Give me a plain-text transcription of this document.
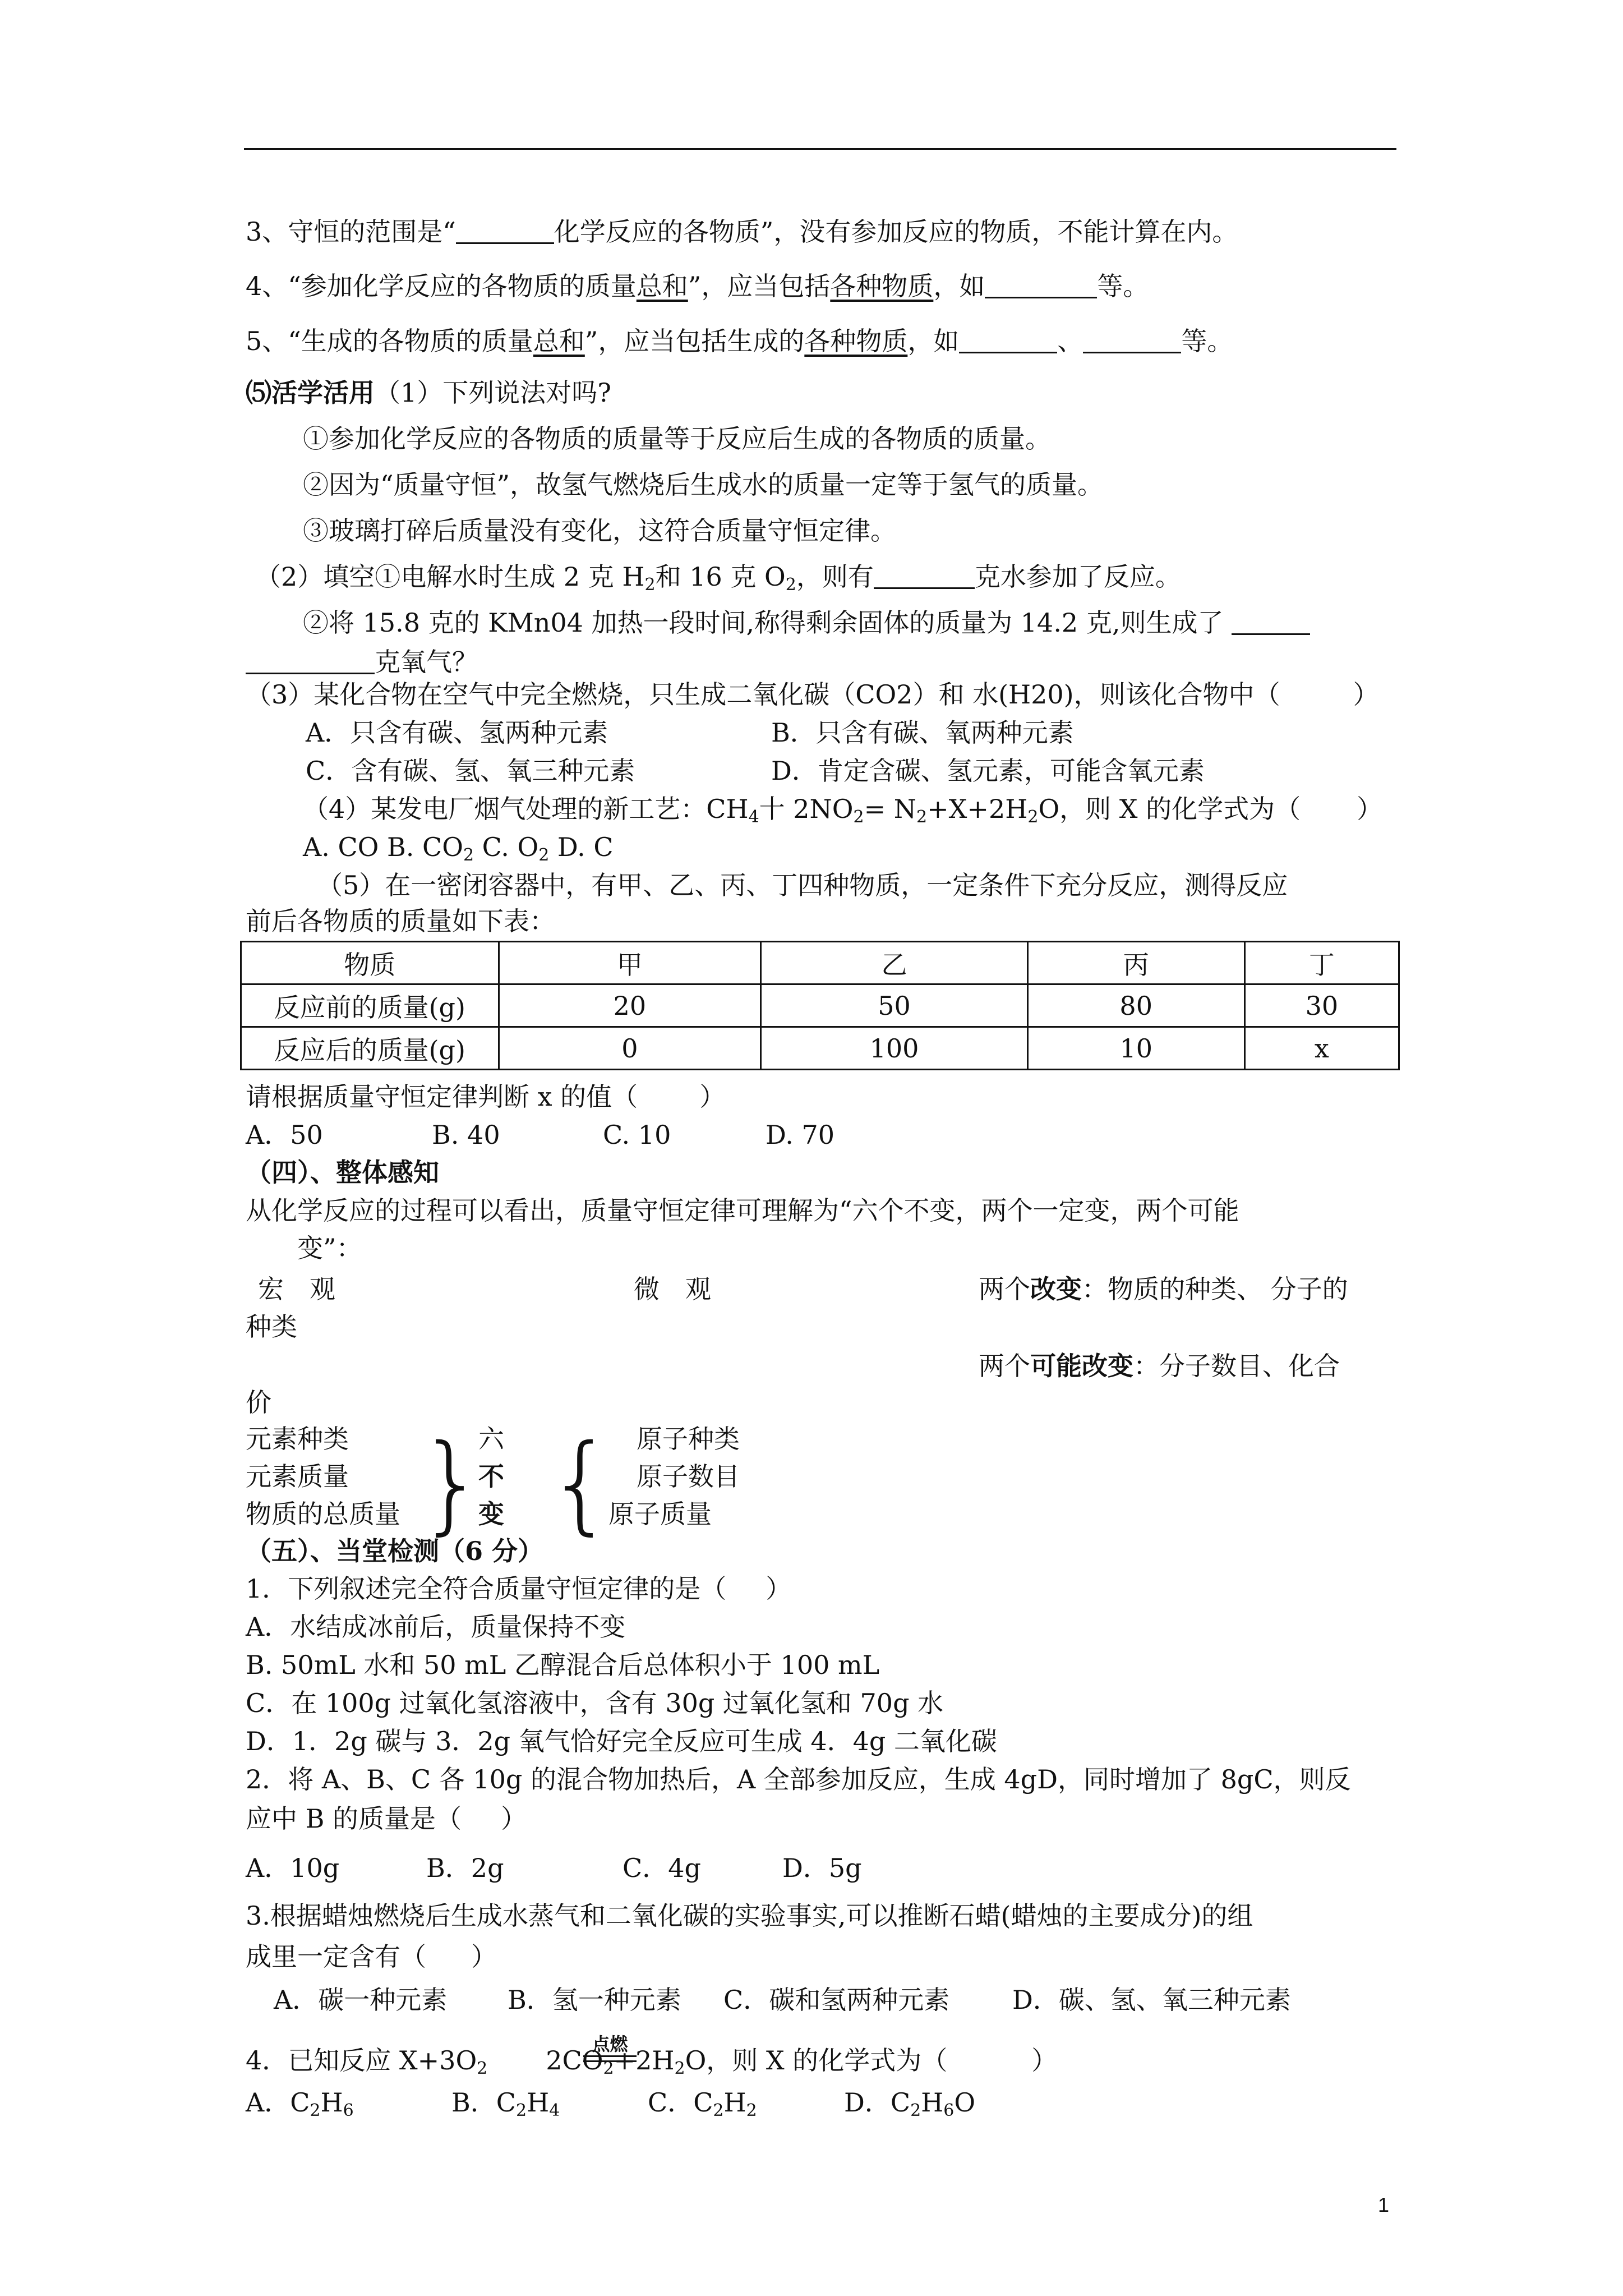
3、守恒的范围是“	化学反应的各物质”，没有参加反应的物质，不能计算在内。
4、“参加化学反应的各物质的质量总和”，应当包括各种物质，如	等。
5、“生成的各物质的质量总和”，应当包括生成的各种物质，如	、	等。
⑸活学活用（1）下列说法对吗?
①参加化学反应的各物质的质量等于反应后生成的各物质的质量。
②因为“质量守恒”，故氢气燃烧后生成水的质量一定等于氢气的质量。
③玻璃打碎后质量没有变化，这符合质量守恒定律。
（2）填空①电解水时生成 2 克 $H_2$和 16 克 $O_2$，则有	克水参加了反应。
②将 15.8 克的 KMn04 加热一段时间,称得剩余固体的质量为 14.2 克,则生成了
克氧气？
（3）某化合物在空气中完全燃烧，只生成二氧化碳（CO2）和 水(H20)，则该化合物中（	）
A．只含有碳、氢两种元素	B．只含有碳、氧两种元素
C．含有碳、氢、氧三种元素	D．肯定含碳、氢元素，可能含氧元素
（4）某发电厂烟气处理的新工艺：$CH_4$十 $2NO_2= N_2+X+2H_2O$，则 X 的化学式为（ ）
A. CO B. $CO_2$ C. $O_2$ D. C
（5）在一密闭容器中，有甲、乙、丙、丁四种物质，一定条件下充分反应，测得反应
前后各物质的质量如下表：
物质	甲	乙	丙	丁
反应前的质量(g)	20	50	80	30
反应后的质量(g)	0	100	10	x
请根据质量守恒定律判断 x 的值（ ）
A．50	B. 40	C. 10	D. 70
（四）、整体感知
从化学反应的过程可以看出，质量守恒定律可理解为“六个不变，两个一定变，两个可能
变”：
宏　观	微　观	两个改变：物质的种类、 分子的
种类
两个可能改变：分子数目、化合
价
元素种类
元素质量
物质的总质量 }
六
不
变 { 原子种类
原子数目
原子质量
（五）、当堂检测（6 分）
1．下列叙述完全符合质量守恒定律的是（ ）
A．水结成冰前后，质量保持不变
B. 50mL 水和 50 mL 乙醇混合后总体积小于 100 mL
C．在 100g 过氧化氢溶液中，含有 30g 过氧化氢和 70g 水
D．1．2g 碳与 3．2g 氧气恰好完全反应可生成 4．4g 二氧化碳
2．将 A、B、C 各 10g 的混合物加热后，A 全部参加反应，生成 4gD，同时增加了 8gC，则反
应中 B 的质量是（ ）
A．10g	B．2g	C．4g	D．5g
3.根据蜡烛燃烧后生成水蒸气和二氧化碳的实验事实,可以推断石蜡(蜡烛的主要成分)的组
成里一定含有（ ）
A．碳一种元素 B．氢一种元素 C．碳和氢两种元素 D．碳、氢、氧三种元素
点燃
4．已知反应 $X+3O_2$ $2CO_2+2H_2O$，则 X 的化学式为（	）
A．$C_2H_6$	B．$C_2H_4$	C．$C_2H_2$	D．$C_2H_6O$
1
